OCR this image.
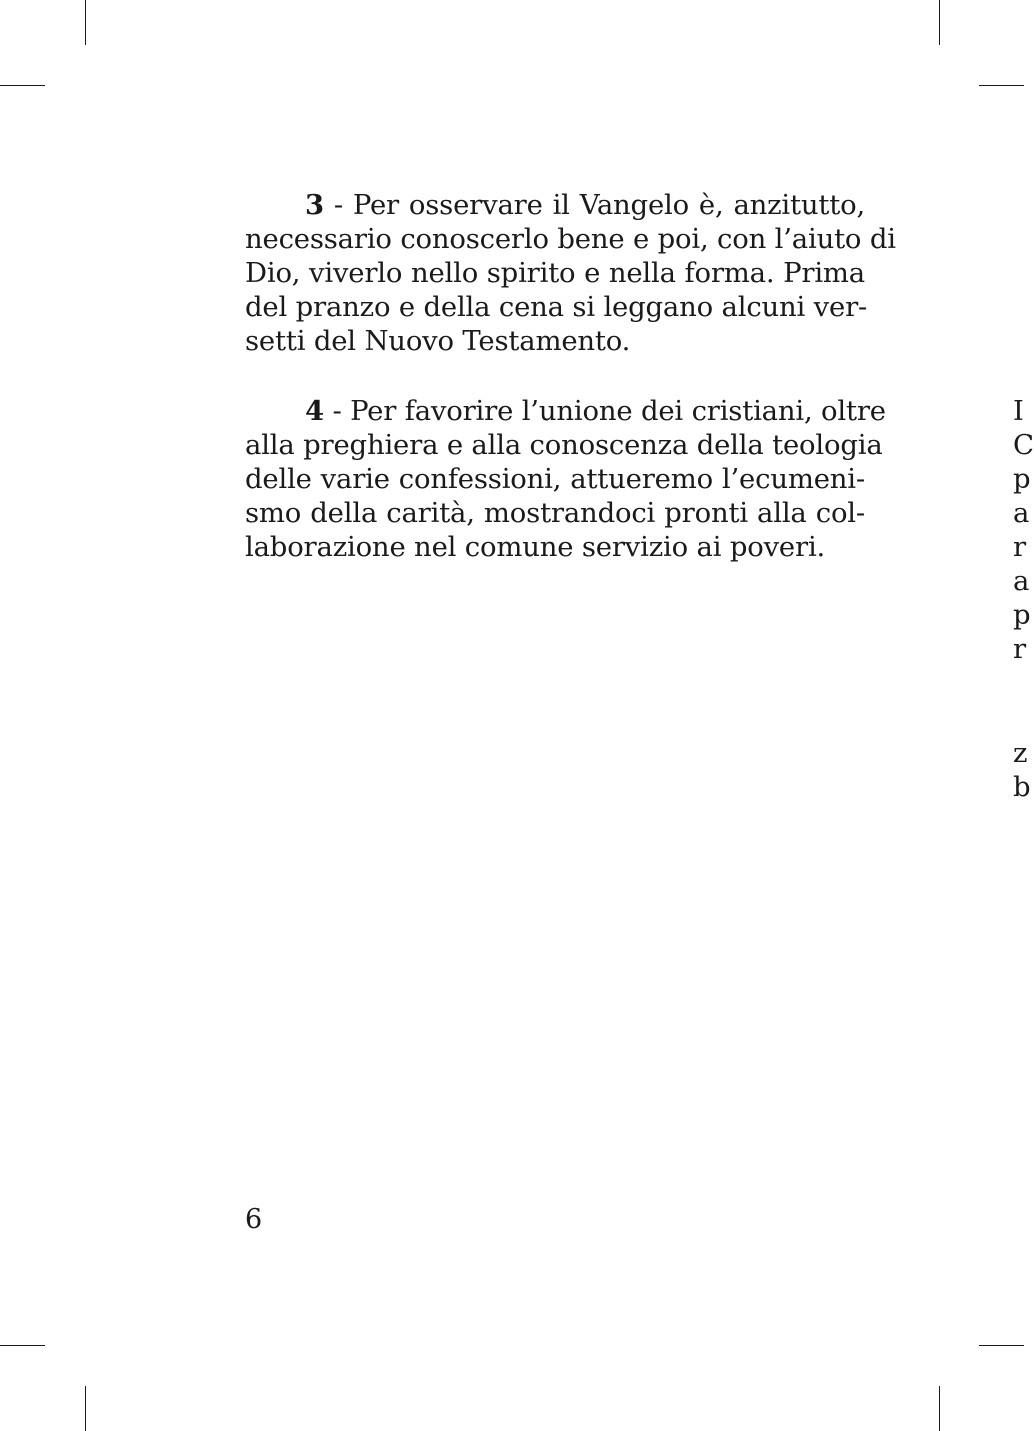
3 - Per osservare il Vangelo è, anzitutto,
necessario conoscerlo bene e poi, con l’aiuto di
Dio, viverlo nello spirito e nella forma. Prima
del pranzo e della cena si leggano alcuni ver-
setti del Nuovo Testamento.
4 - Per favorire l’unione dei cristiani, oltre
alla preghiera e alla conoscenza della teologia
delle varie confessioni, attueremo l’ecumeni-
smo della carità, mostrandoci pronti alla col-
laborazione nel comune servizio ai poveri.
6
I
C
p
a
r
a
p
r
z
b
